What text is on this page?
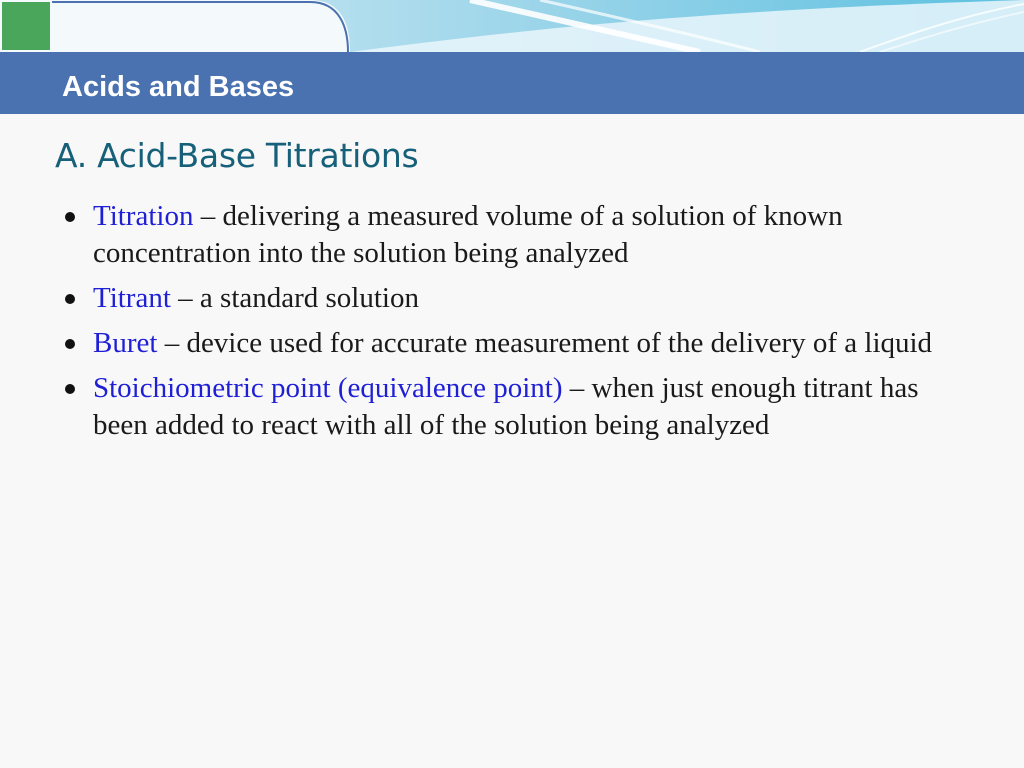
Acids and Bases
A. Acid-Base Titrations
Titration – delivering a measured volume of a solution of known concentration into the solution being analyzed
Titrant – a standard solution
Buret – device used for accurate measurement of the delivery of a liquid
Stoichiometric point (equivalence point) – when just enough titrant has been added to react with all of the solution being analyzed
